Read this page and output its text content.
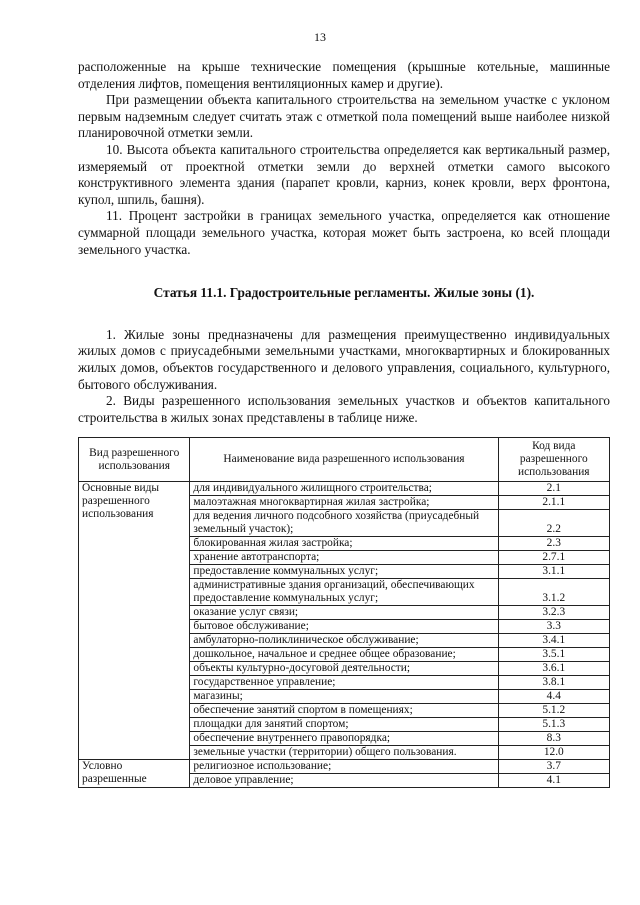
13

расположенные на крыше технические помещения (крышные котельные, машинные отделения лифтов, помещения вентиляционных камер и другие).

При размещении объекта капитального строительства на земельном участке с уклоном первым надземным следует считать этаж с отметкой пола помещений выше наиболее низкой планировочной отметки земли.

10. Высота объекта капитального строительства определяется как вертикальный размер, измеряемый от проектной отметки земли до верхней отметки самого высокого конструктивного элемента здания (парапет кровли, карниз, конек кровли, верх фронтона, купол, шпиль, башня).

11. Процент застройки в границах земельного участка, определяется как отношение суммарной площади земельного участка, которая может быть застроена, ко всей площади земельного участка.

Статья 11.1. Градостроительные регламенты. Жилые зоны (1).

1. Жилые зоны предназначены для размещения преимущественно индивидуальных жилых домов с приусадебными земельными участками, многоквартирных и блокированных жилых домов, объектов государственного и делового управления, социального, культурного, бытового обслуживания.

2. Виды разрешенного использования земельных участков и объектов капитального строительства в жилых зонах представлены в таблице ниже.

Вид разрешенного использования	Наименование вида разрешенного использования	Код вида разрешенного использования
Основные виды разрешенного использования	для индивидуального жилищного строительства;	2.1
	малоэтажная многоквартирная жилая застройка;	2.1.1
	для ведения личного подсобного хозяйства (приусадебный земельный участок);	2.2
	блокированная жилая застройка;	2.3
	хранение автотранспорта;	2.7.1
	предоставление коммунальных услуг;	3.1.1
	административные здания организаций, обеспечивающих предоставление коммунальных услуг;	3.1.2
	оказание услуг связи;	3.2.3
	бытовое обслуживание;	3.3
	амбулаторно-поликлиническое обслуживание;	3.4.1
	дошкольное, начальное и среднее общее образование;	3.5.1
	объекты культурно-досуговой деятельности;	3.6.1
	государственное управление;	3.8.1
	магазины;	4.4
	обеспечение занятий спортом в помещениях;	5.1.2
	площадки для занятий спортом;	5.1.3
	обеспечение внутреннего правопорядка;	8.3
	земельные участки (территории) общего пользования.	12.0
Условно разрешенные	религиозное использование;	3.7
	деловое управление;	4.1
